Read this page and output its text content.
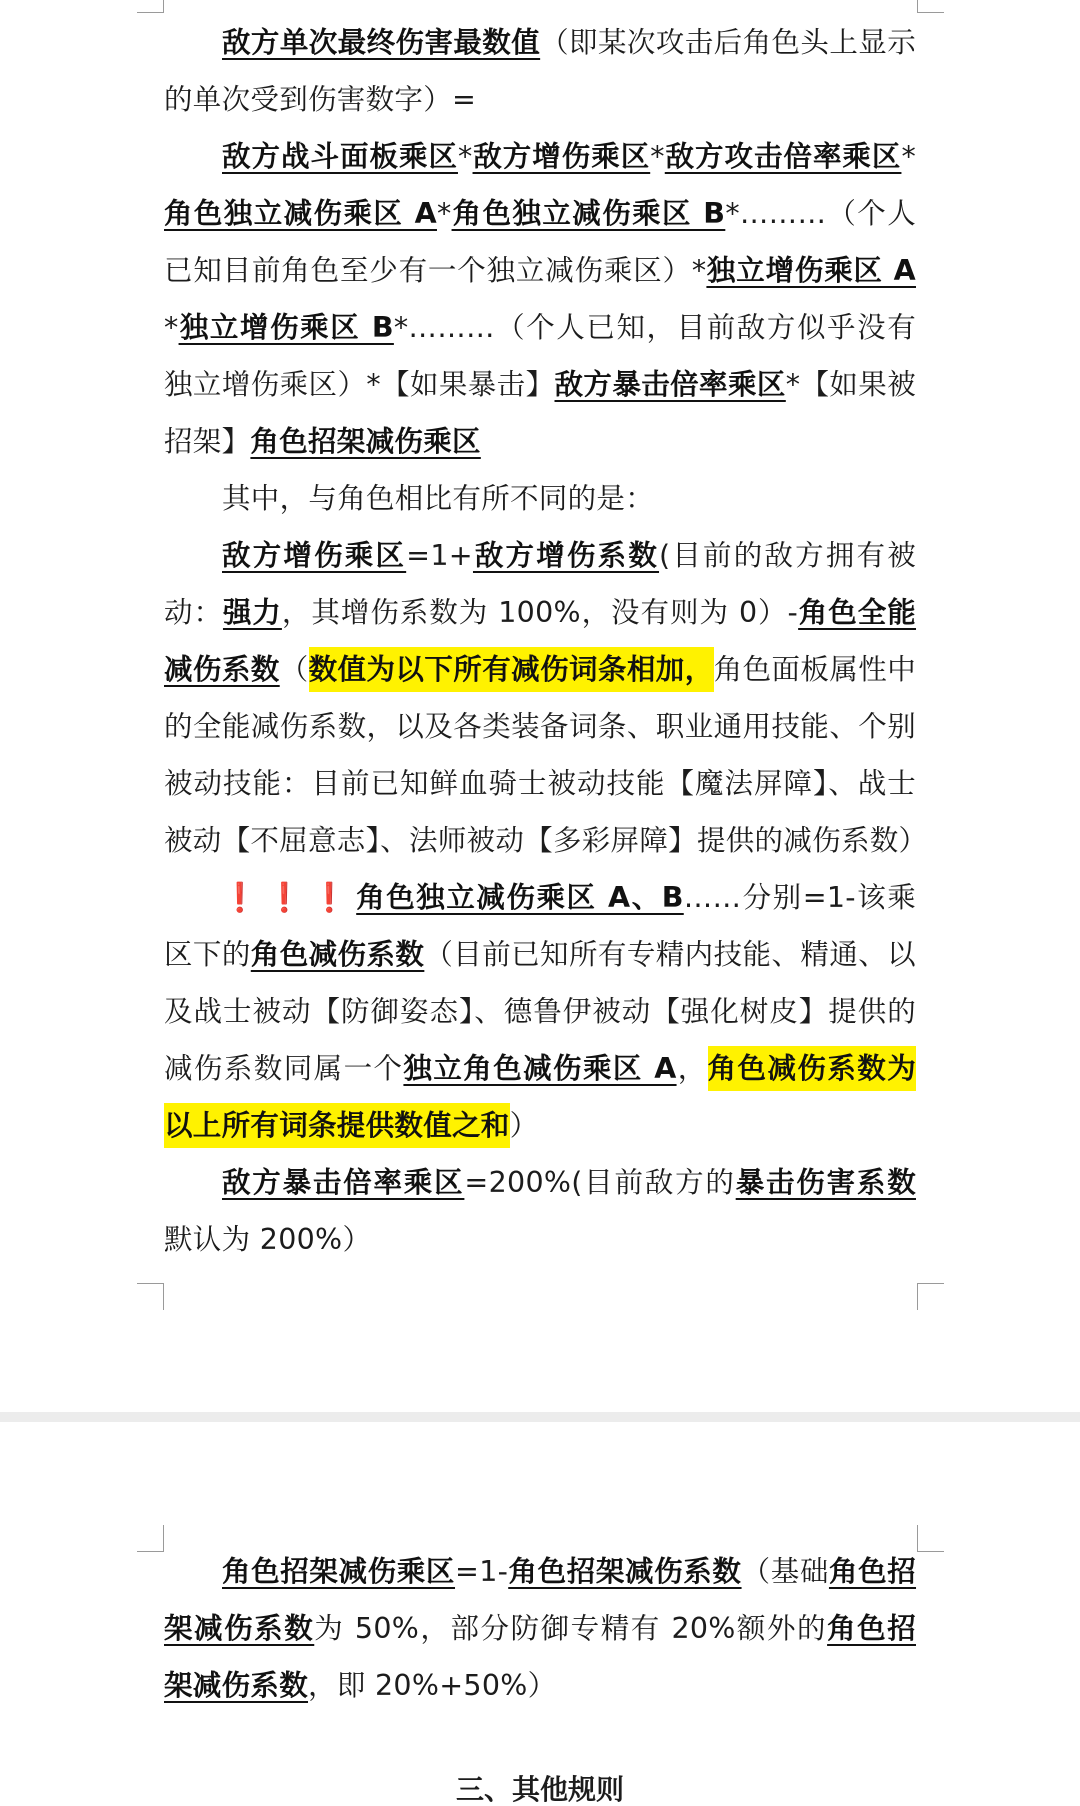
敌方单次最终伤害最数值（即某次攻击后角色头上显示的单次受到伤害数字）=

敌方战斗面板乘区*敌方增伤乘区*敌方攻击倍率乘区*角色独立减伤乘区 A*角色独立减伤乘区 B*………（个人已知目前角色至少有一个独立减伤乘区）*独立增伤乘区 A*独立增伤乘区 B*………（个人已知，目前敌方似乎没有独立增伤乘区）*【如果暴击】敌方暴击倍率乘区*【如果被招架】角色招架减伤乘区

其中，与角色相比有所不同的是：

敌方增伤乘区=1+敌方增伤系数(目前的敌方拥有被动：强力，其增伤系数为 100%，没有则为 0）-角色全能减伤系数（数值为以下所有减伤词条相加，角色面板属性中的全能减伤系数，以及各类装备词条、职业通用技能、个别被动技能：目前已知鲜血骑士被动技能【魔法屏障】、战士被动【不屈意志】、法师被动【多彩屏障】提供的减伤系数）

❗❗❗角色独立减伤乘区 A、B……分别=1-该乘区下的角色减伤系数（目前已知所有专精内技能、精通、以及战士被动【防御姿态】、德鲁伊被动【强化树皮】提供的减伤系数同属一个独立角色减伤乘区 A，角色减伤系数为以上所有词条提供数值之和）

敌方暴击倍率乘区=200%(目前敌方的暴击伤害系数默认为 200%）

角色招架减伤乘区=1-角色招架减伤系数（基础角色招架减伤系数为 50%，部分防御专精有 20%额外的角色招架减伤系数，即 20%+50%）

三、其他规则
